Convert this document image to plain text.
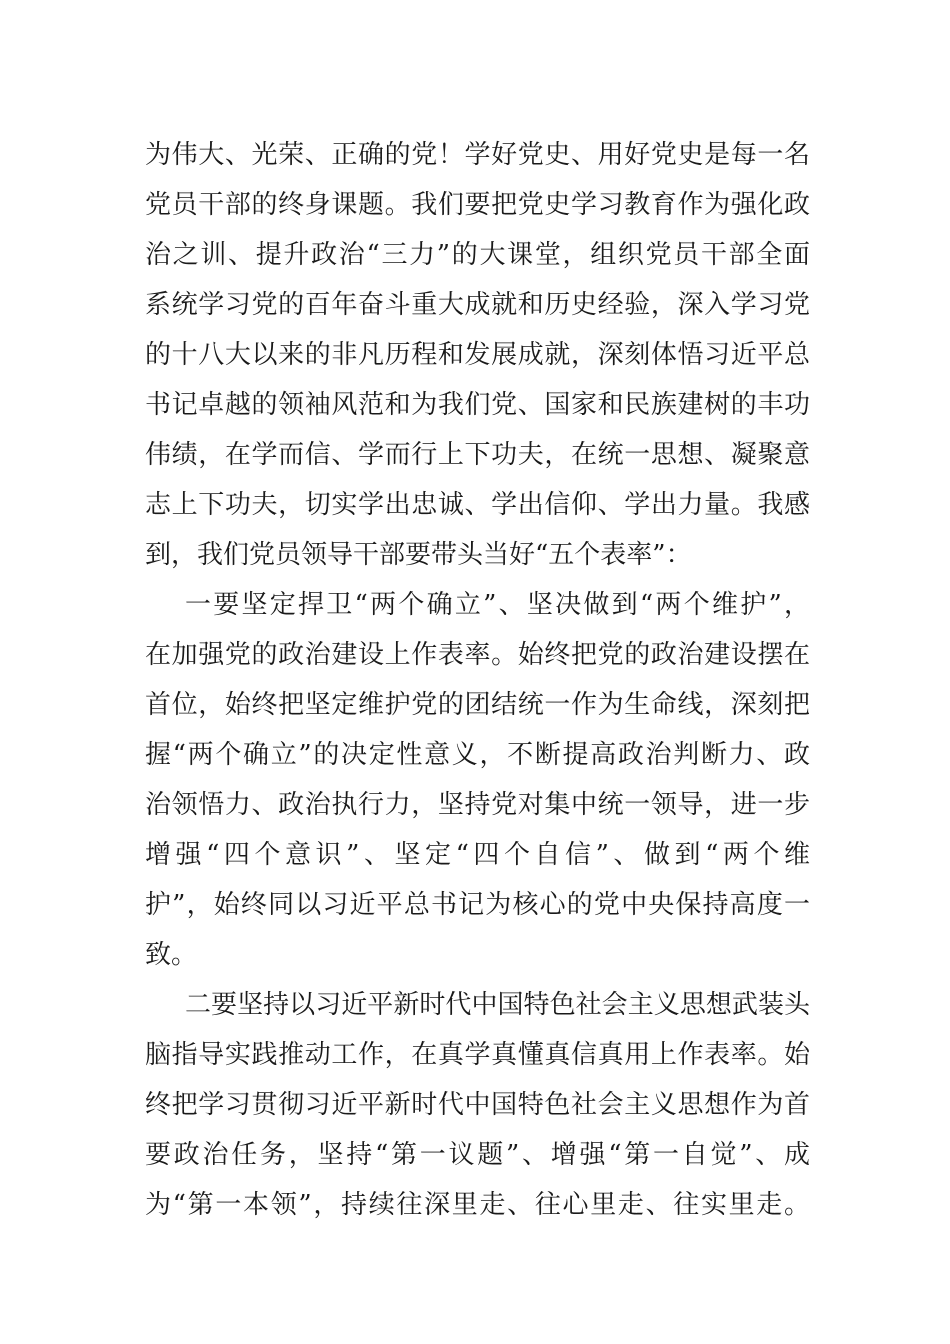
为伟大、光荣、正确的党！学好党史、用好党史是每一名
党员干部的终身课题。我们要把党史学习教育作为强化政
治之训、提升政治“三力”的大课堂，组织党员干部全面
系统学习党的百年奋斗重大成就和历史经验，深入学习党
的十八大以来的非凡历程和发展成就，深刻体悟习近平总
书记卓越的领袖风范和为我们党、国家和民族建树的丰功
伟绩，在学而信、学而行上下功夫，在统一思想、凝聚意
志上下功夫，切实学出忠诚、学出信仰、学出力量。我感
到，我们党员领导干部要带头当好“五个表率”：
一要坚定捍卫“两个确立”、坚决做到“两个维护”，
在加强党的政治建设上作表率。始终把党的政治建设摆在
首位，始终把坚定维护党的团结统一作为生命线，深刻把
握“两个确立”的决定性意义，不断提高政治判断力、政
治领悟力、政治执行力，坚持党对集中统一领导，进一步
增强“四个意识”、坚定“四个自信”、做到“两个维
护”，始终同以习近平总书记为核心的党中央保持高度一
致。
二要坚持以习近平新时代中国特色社会主义思想武装头
脑指导实践推动工作，在真学真懂真信真用上作表率。始
终把学习贯彻习近平新时代中国特色社会主义思想作为首
要政治任务，坚持“第一议题”、增强“第一自觉”、成
为“第一本领”，持续往深里走、往心里走、往实里走。
